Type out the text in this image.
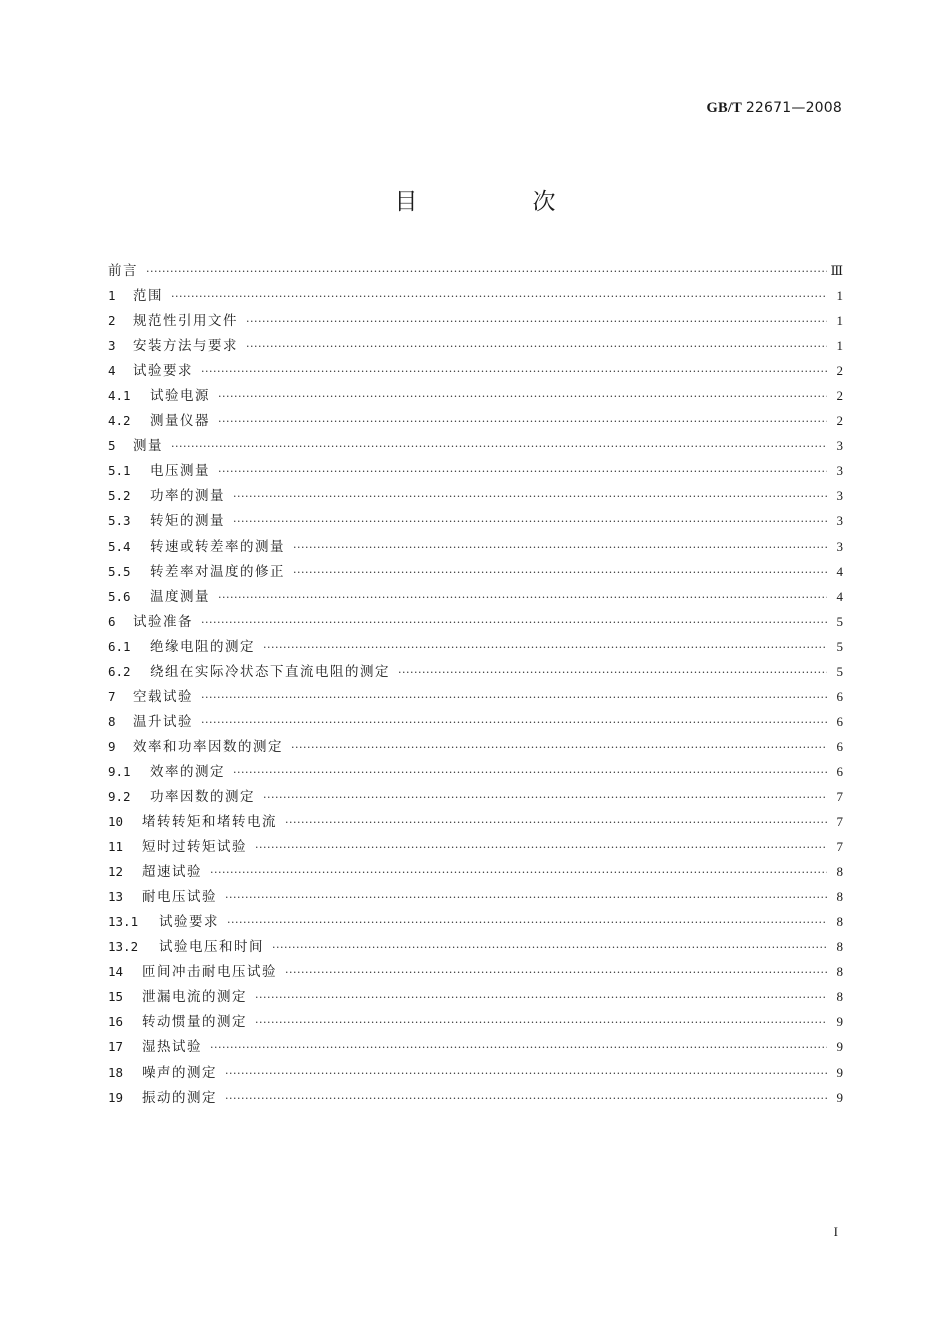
GB/T 22671—2008
目　次
前言 ·····	Ⅲ
1	范围 ·····	1
2	规范性引用文件 ·····	1
3	安装方法与要求 ·····	1
4	试验要求 ·····	2
4.1	试验电源 ·····	2
4.2	测量仪器 ·····	2
5	测量 ·····	3
5.1	电压测量 ·····	3
5.2	功率的测量 ·····	3
5.3	转矩的测量 ·····	3
5.4	转速或转差率的测量 ·····	3
5.5	转差率对温度的修正 ·····	4
5.6	温度测量 ·····	4
6	试验准备 ·····	5
6.1	绝缘电阻的测定 ·····	5
6.2	绕组在实际冷状态下直流电阻的测定 ·····	5
7	空载试验 ·····	6
8	温升试验 ·····	6
9	效率和功率因数的测定 ·····	6
9.1	效率的测定 ·····	6
9.2	功率因数的测定 ·····	7
10	堵转转矩和堵转电流 ·····	7
11	短时过转矩试验 ·····	7
12	超速试验 ·····	8
13	耐电压试验 ·····	8
13.1	试验要求 ·····	8
13.2	试验电压和时间 ·····	8
14	匝间冲击耐电压试验 ·····	8
15	泄漏电流的测定 ·····	8
16	转动惯量的测定 ·····	9
17	湿热试验 ·····	9
18	噪声的测定 ·····	9
19	振动的测定 ·····	9
I
